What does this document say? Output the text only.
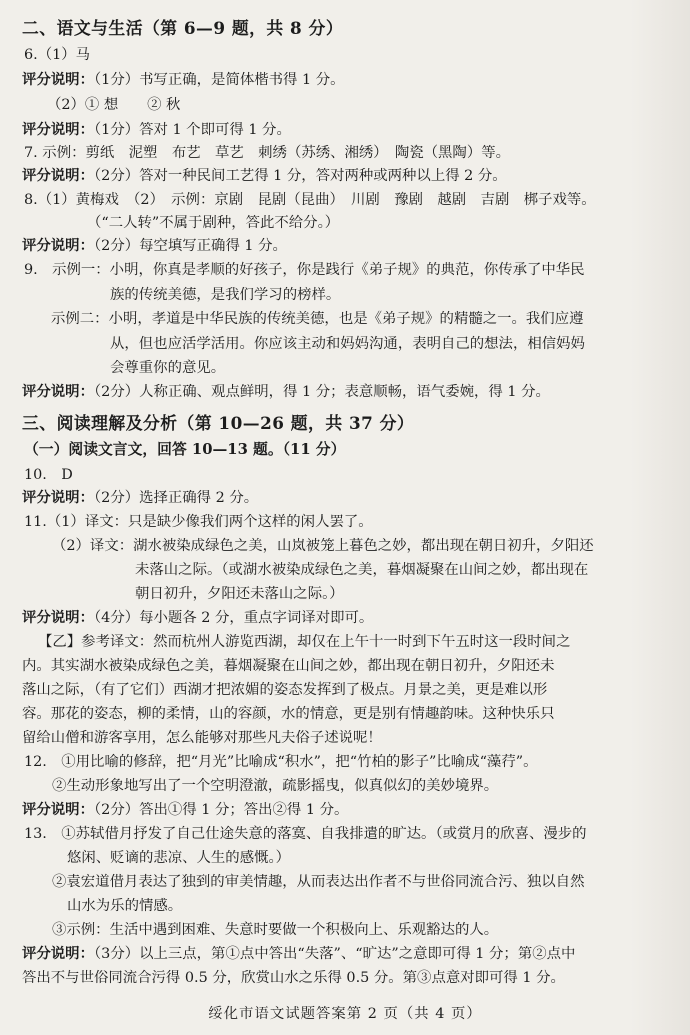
二、语文与生活（第 6—9 题，共 8 分）
6.（1）马
评分说明：（1分）书写正确，是简体楷书得 1 分。
（2）① 想　　② 秋
评分说明：（1分）答对 1 个即可得 1 分。
7. 示例：剪纸　泥塑　布艺　草艺　刺绣（苏绣、湘绣）　陶瓷（黑陶）等。
评分说明：（2分）答对一种民间工艺得 1 分，答对两种或两种以上得 2 分。
8.（1）黄梅戏　（2）　示例：京剧　昆剧（昆曲）　川剧　豫剧　越剧　吉剧　梆子戏等。
（“二人转”不属于剧种，答此不给分。）
评分说明：（2分）每空填写正确得 1 分。
9.　示例一：小明，你真是孝顺的好孩子，你是践行《弟子规》的典范，你传承了中华民
族的传统美德，是我们学习的榜样。
示例二：小明，孝道是中华民族的传统美德，也是《弟子规》的精髓之一。我们应遵
从，但也应活学活用。你应该主动和妈妈沟通，表明自己的想法，相信妈妈
会尊重你的意见。
评分说明：（2分）人称正确、观点鲜明，得 1 分；表意顺畅，语气委婉，得 1 分。
三、阅读理解及分析（第 10—26 题，共 37 分）
（一）阅读文言文，回答 10—13 题。（11 分）
10.　D
评分说明：（2分）选择正确得 2 分。
11.（1）译文：只是缺少像我们两个这样的闲人罢了。
（2）译文：湖水被染成绿色之美，山岚被笼上暮色之妙，都出现在朝日初升，夕阳还
未落山之际。（或湖水被染成绿色之美，暮烟凝聚在山间之妙，都出现在
朝日初升，夕阳还未落山之际。）
评分说明：（4分）每小题各 2 分，重点字词译对即可。
【乙】参考译文：然而杭州人游览西湖，却仅在上午十一时到下午五时这一段时间之
内。其实湖水被染成绿色之美，暮烟凝聚在山间之妙，都出现在朝日初升，夕阳还未
落山之际，（有了它们）西湖才把浓媚的姿态发挥到了极点。月景之美，更是难以形
容。那花的姿态，柳的柔情，山的容颜，水的情意，更是别有情趣韵味。这种快乐只
留给山僧和游客享用，怎么能够对那些凡夫俗子述说呢！
12.　①用比喻的修辞，把“月光”比喻成“积水”，把“竹柏的影子”比喻成“藻荇”。
②生动形象地写出了一个空明澄澈，疏影摇曳，似真似幻的美妙境界。
评分说明：（2分）答出①得 1 分；答出②得 1 分。
13.　①苏轼借月抒发了自己仕途失意的落寞、自我排遣的旷达。（或赏月的欣喜、漫步的
悠闲、贬谪的悲凉、人生的感慨。）
②袁宏道借月表达了独到的审美情趣，从而表达出作者不与世俗同流合污、独以自然
山水为乐的情感。
③示例：生活中遇到困难、失意时要做一个积极向上、乐观豁达的人。
评分说明：（3分）以上三点，第①点中答出“失落”、“旷达”之意即可得 1 分；第②点中
答出不与世俗同流合污得 0.5 分，欣赏山水之乐得 0.5 分。第③点意对即可得 1 分。
绥化市语文试题答案第 2 页（共 4 页）
